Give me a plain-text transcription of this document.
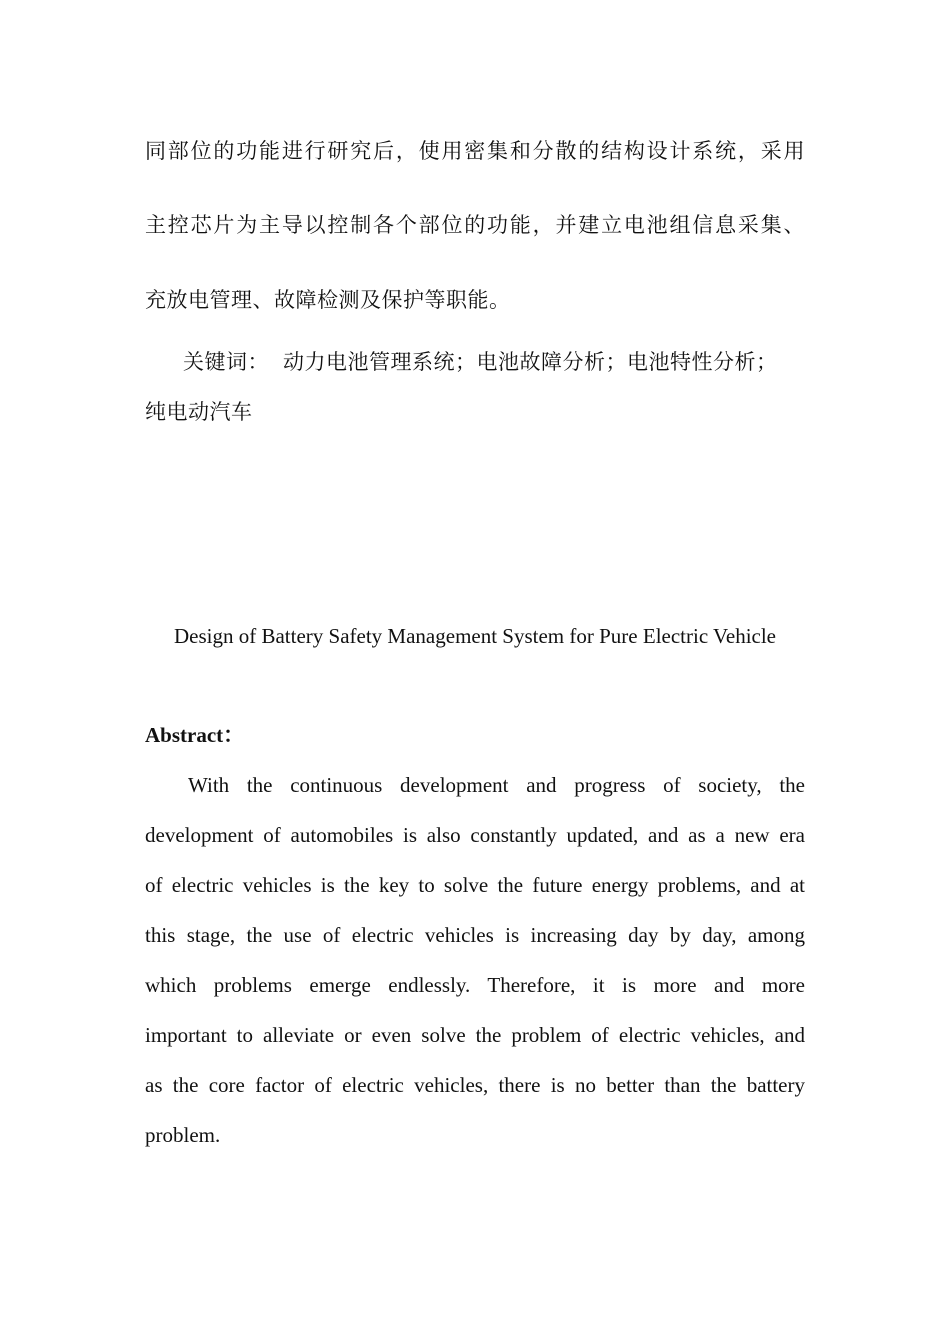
同部位的功能进行研究后，使用密集和分散的结构设计系统，采用
主控芯片为主导以控制各个部位的功能，并建立电池组信息采集、
充放电管理、故障检测及保护等职能。
关键词： 动力电池管理系统；电池故障分析；电池特性分析；
纯电动汽车
Design of Battery Safety Management System for Pure Electric Vehicle
Abstract：
With the continuous development and progress of society, the
development of automobiles is also constantly updated, and as a new era
of electric vehicles is the key to solve the future energy problems, and at
this stage, the use of electric vehicles is increasing day by day, among
which problems emerge endlessly. Therefore, it is more and more
important to alleviate or even solve the problem of electric vehicles, and
as the core factor of electric vehicles, there is no better than the battery
problem.
